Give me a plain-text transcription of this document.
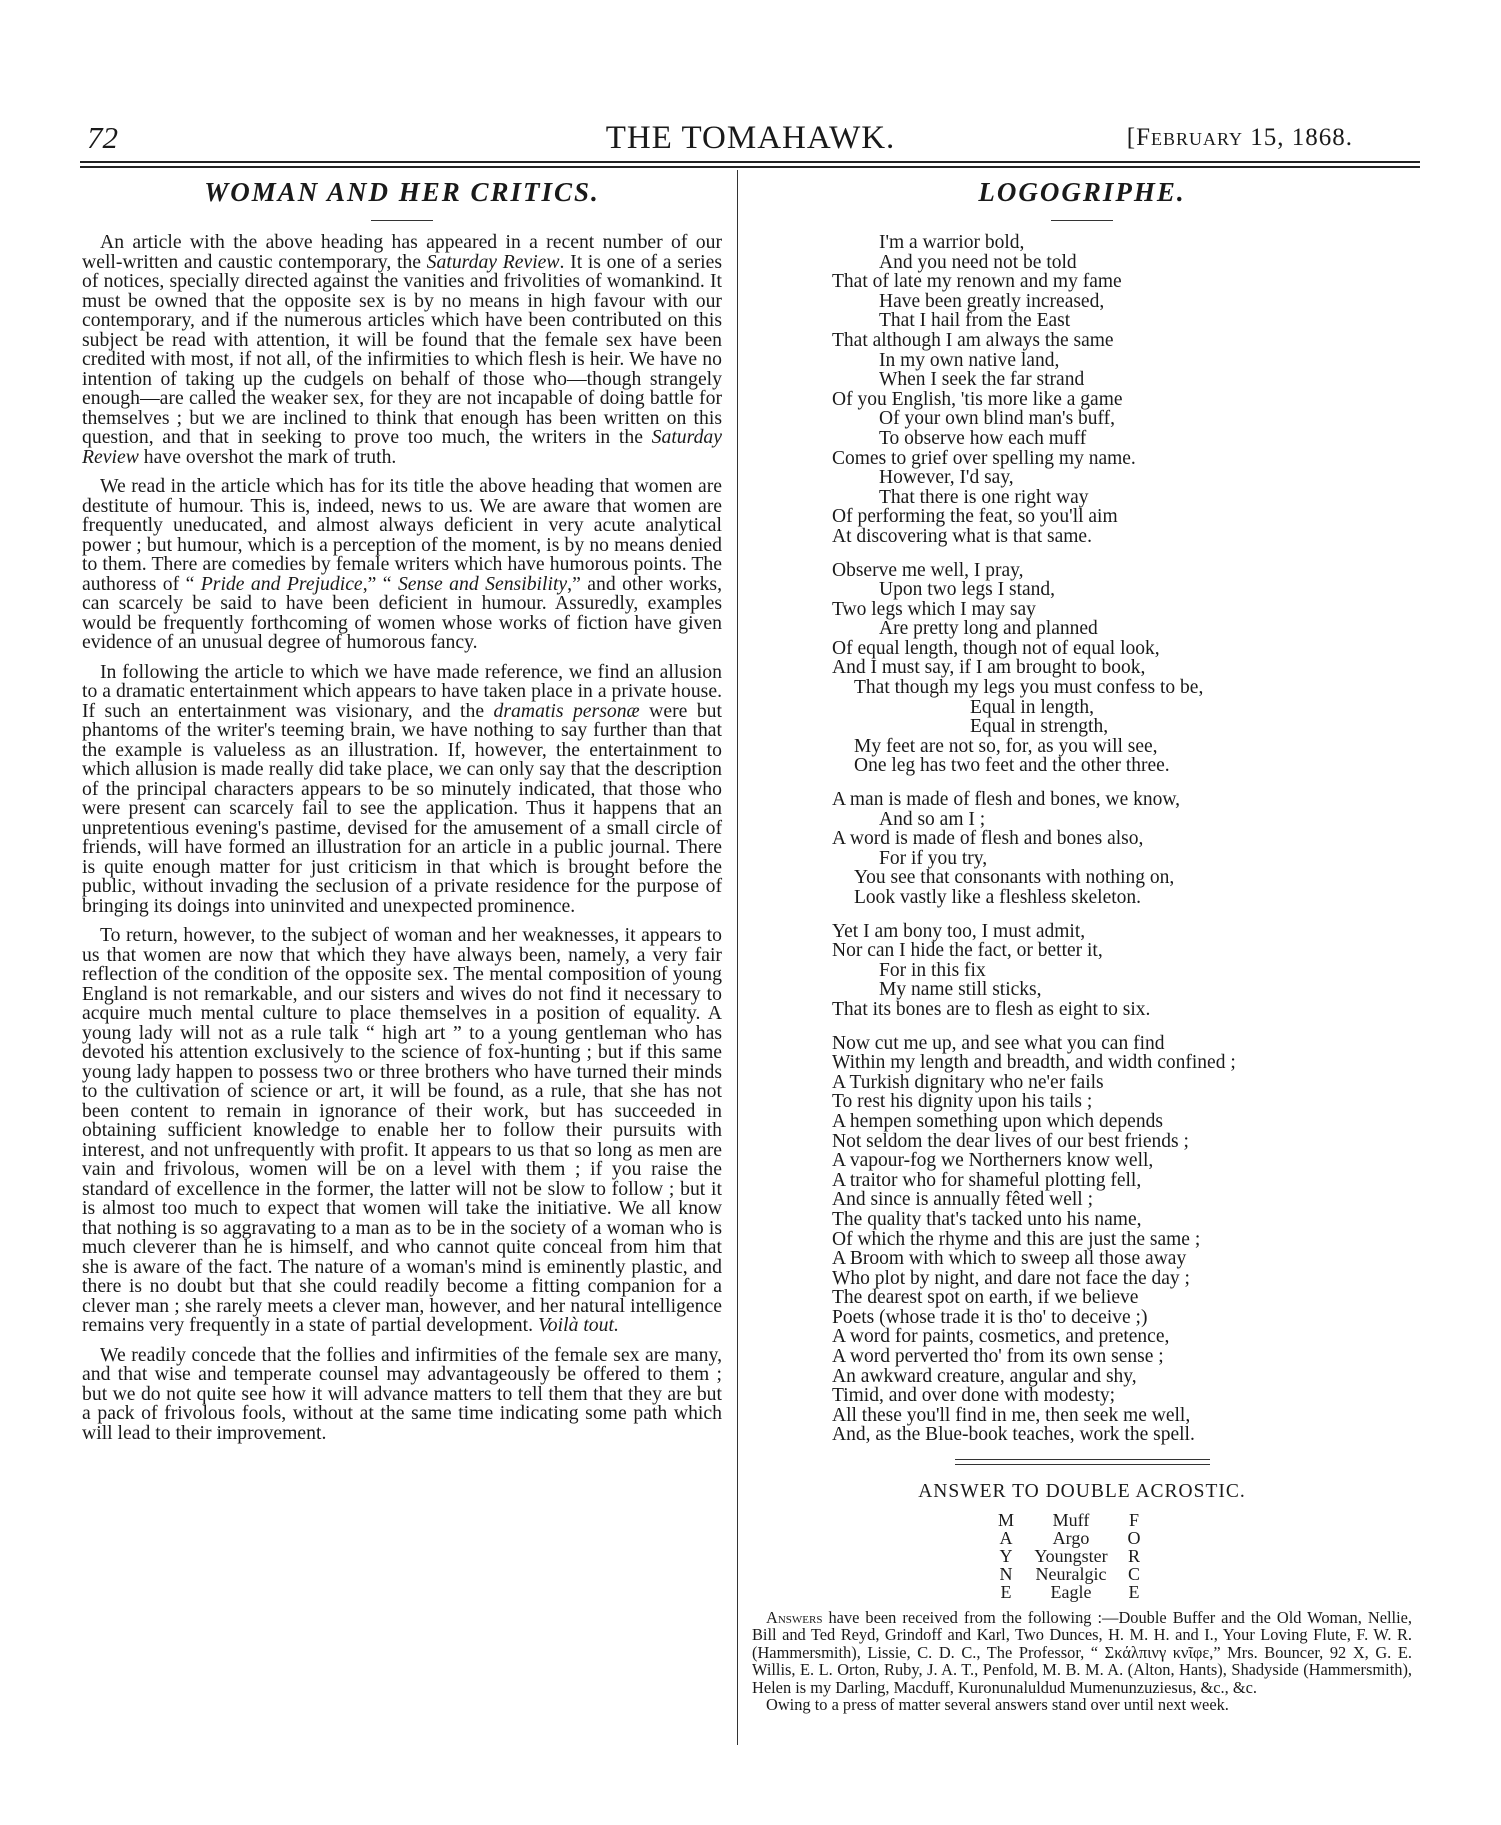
72	THE TOMAHAWK.	[February 15, 1868.
WOMAN AND HER CRITICS.

An article with the above heading has appeared in a recent number of our well-written and caustic contemporary, the Saturday Review. It is one of a series of notices, specially directed against the vanities and frivolities of womankind. It must be owned that the opposite sex is by no means in high favour with our contemporary, and if the numerous articles which have been contributed on this subject be read with attention, it will be found that the female sex have been credited with most, if not all, of the infirmities to which flesh is heir. We have no intention of taking up the cudgels on behalf of those who—though strangely enough—are called the weaker sex, for they are not incapable of doing battle for themselves ; but we are inclined to think that enough has been written on this question, and that in seeking to prove too much, the writers in the Saturday Review have overshot the mark of truth.

We read in the article which has for its title the above heading that women are destitute of humour. This is, indeed, news to us. We are aware that women are frequently uneducated, and almost always deficient in very acute analytical power ; but humour, which is a perception of the moment, is by no means denied to them. There are comedies by female writers which have humorous points. The authoress of “ Pride and Prejudice,” “ Sense and Sensibility,” and other works, can scarcely be said to have been deficient in humour. Assuredly, examples would be frequently forthcoming of women whose works of fiction have given evidence of an unusual degree of humorous fancy.

In following the article to which we have made reference, we find an allusion to a dramatic entertainment which appears to have taken place in a private house. If such an entertainment was visionary, and the dramatis personæ were but phantoms of the writer's teeming brain, we have nothing to say further than that the example is valueless as an illustration. If, however, the entertainment to which allusion is made really did take place, we can only say that the description of the principal characters appears to be so minutely indicated, that those who were present can scarcely fail to see the application. Thus it happens that an unpretentious evening's pastime, devised for the amusement of a small circle of friends, will have formed an illustration for an article in a public journal. There is quite enough matter for just criticism in that which is brought before the public, without invading the seclusion of a private residence for the purpose of bringing its doings into uninvited and unexpected prominence.

To return, however, to the subject of woman and her weaknesses, it appears to us that women are now that which they have always been, namely, a very fair reflection of the condition of the opposite sex. The mental composition of young England is not remarkable, and our sisters and wives do not find it necessary to acquire much mental culture to place themselves in a position of equality. A young lady will not as a rule talk “ high art ” to a young gentleman who has devoted his attention exclusively to the science of fox-hunting ; but if this same young lady happen to possess two or three brothers who have turned their minds to the cultivation of science or art, it will be found, as a rule, that she has not been content to remain in ignorance of their work, but has succeeded in obtaining sufficient knowledge to enable her to follow their pursuits with interest, and not unfrequently with profit. It appears to us that so long as men are vain and frivolous, women will be on a level with them ; if you raise the standard of excellence in the former, the latter will not be slow to follow ; but it is almost too much to expect that women will take the initiative. We all know that nothing is so aggravating to a man as to be in the society of a woman who is much cleverer than he is himself, and who cannot quite conceal from him that she is aware of the fact. The nature of a woman's mind is eminently plastic, and there is no doubt but that she could readily become a fitting companion for a clever man ; she rarely meets a clever man, however, and her natural intelligence remains very frequently in a state of partial development. Voilà tout.

We readily concede that the follies and infirmities of the female sex are many, and that wise and temperate counsel may advantageously be offered to them ; but we do not quite see how it will advance matters to tell them that they are but a pack of frivolous fools, without at the same time indicating some path which will lead to their improvement.

LOGOGRIPHE.
I'm a warrior bold,
And you need not be told
That of late my renown and my fame
Have been greatly increased,
That I hail from the East
That although I am always the same
In my own native land,
When I seek the far strand
Of you English, 'tis more like a game
Of your own blind man's buff,
To observe how each muff
Comes to grief over spelling my name.
However, I'd say,
That there is one right way
Of performing the feat, so you'll aim
At discovering what is that same.
Observe me well, I pray,
Upon two legs I stand,
Two legs which I may say
Are pretty long and planned
Of equal length, though not of equal look,
And I must say, if I am brought to book,
That though my legs you must confess to be,
Equal in length,
Equal in strength,
My feet are not so, for, as you will see,
One leg has two feet and the other three.
A man is made of flesh and bones, we know,
And so am I ;
A word is made of flesh and bones also,
For if you try,
You see that consonants with nothing on,
Look vastly like a fleshless skeleton.
Yet I am bony too, I must admit,
Nor can I hide the fact, or better it,
For in this fix
My name still sticks,
That its bones are to flesh as eight to six.
Now cut me up, and see what you can find
Within my length and breadth, and width confined ;
A Turkish dignitary who ne'er fails
To rest his dignity upon his tails ;
A hempen something upon which depends
Not seldom the dear lives of our best friends ;
A vapour-fog we Northerners know well,
A traitor who for shameful plotting fell,
And since is annually fêted well ;
The quality that's tacked unto his name,
Of which the rhyme and this are just the same ;
A Broom with which to sweep all those away
Who plot by night, and dare not face the day ;
The dearest spot on earth, if we believe
Poets (whose trade it is tho' to deceive ;)
A word for paints, cosmetics, and pretence,
A word perverted tho' from its own sense ;
An awkward creature, angular and shy,
Timid, and over done with modesty;
All these you'll find in me, then seek me well,
And, as the Blue-book teaches, work the spell.
ANSWER TO DOUBLE ACROSTIC.
M	Muff	F
A	Argo	O
Y	Youngster	R
N	Neuralgic	C
E	Eagle	E

Answers have been received from the following :—Double Buffer and the Old Woman, Nellie, Bill and Ted Reyd, Grindoff and Karl, Two Dunces, H. M. H. and I., Your Loving Flute, F. W. R. (Hammersmith), Lissie, C. D. C., The Professor, “ Σκάλπινγ κνῖφε,” Mrs. Bouncer, 92 X, G. E. Willis, E. L. Orton, Ruby, J. A. T., Penfold, M. B. M. A. (Alton, Hants), Shadyside (Hammersmith), Helen is my Darling, Macduff, Kuronunaluldud Mumenunzuziesus, &c., &c.

Owing to a press of matter several answers stand over until next week.
